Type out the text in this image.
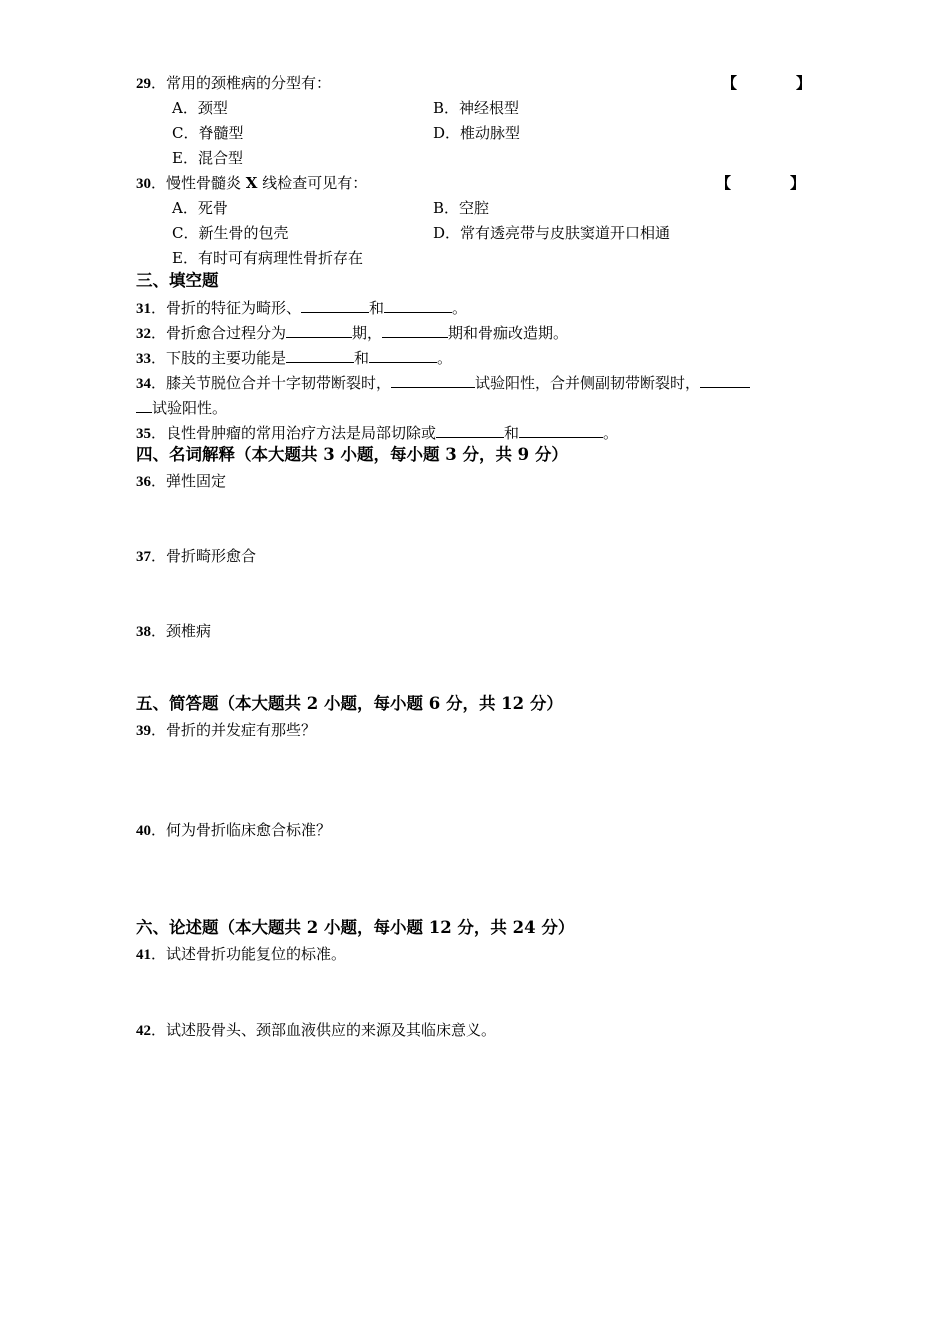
29．常用的颈椎病的分型有：	【	】
A．颈型	B．神经根型
C．脊髓型	D．椎动脉型
E．混合型
30．慢性骨髓炎 X 线检查可见有：	【	】
A．死骨	B．空腔
C．新生骨的包壳	D．常有透亮带与皮肤窦道开口相通
E．有时可有病理性骨折存在
三、填空题
31．骨折的特征为畸形、	和	。
32．骨折愈合过程分为	期，	期和骨痂改造期。
33．下肢的主要功能是	和	。
34．膝关节脱位合并十字韧带断裂时，	试验阳性，合并侧副韧带断裂时，
试验阳性。
35．良性骨肿瘤的常用治疗方法是局部切除或	和	。
四、名词解释（本大题共 3 小题，每小题 3 分，共 9 分）
36．弹性固定
37．骨折畸形愈合
38．颈椎病
五、简答题（本大题共 2 小题，每小题 6 分，共 12 分）
39．骨折的并发症有那些？
40．何为骨折临床愈合标准？
六、论述题（本大题共 2 小题，每小题 12 分，共 24 分）
41．试述骨折功能复位的标准。
42．试述股骨头、颈部血液供应的来源及其临床意义。
